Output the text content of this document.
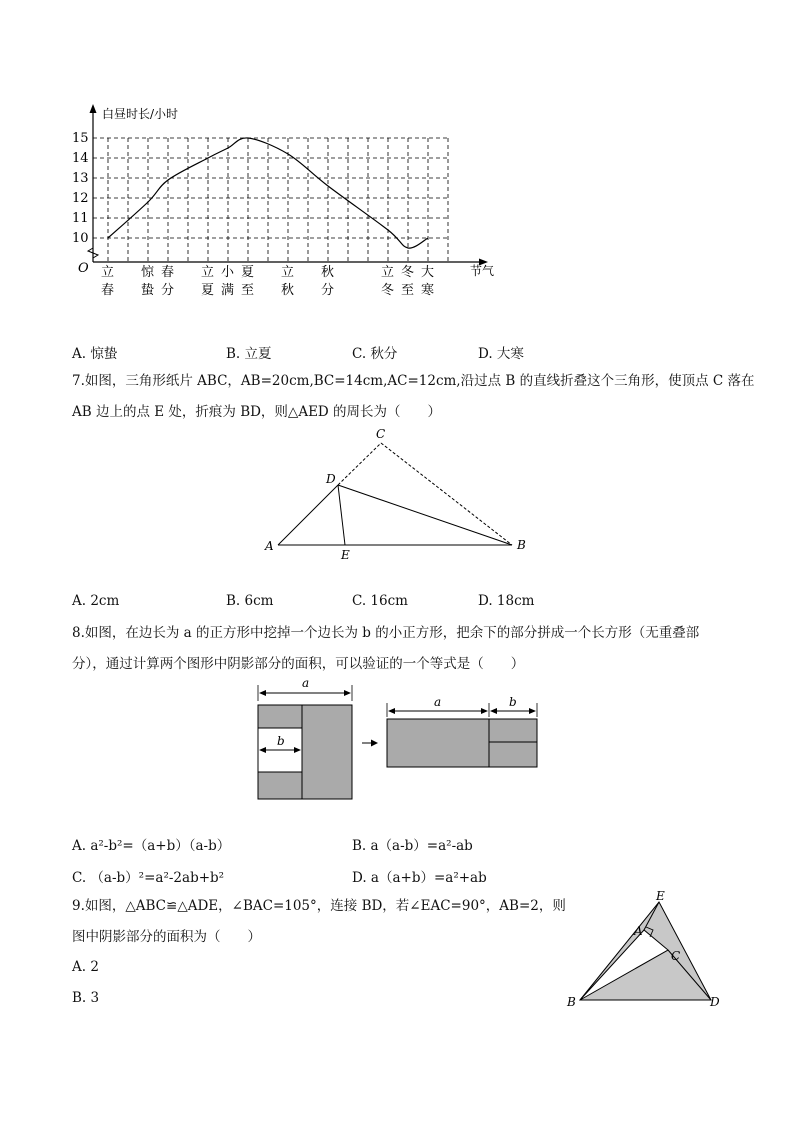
白昼时长/小时
O	节气
15
14
13
12
11
10
立
春
惊
蛰
春
分
立
夏
小
满
夏
至
立
秋
秋
分
立
冬
冬
至
大
寒
A. 惊蛰	B. 立夏	C. 秋分	D. 大寒
7.如图，三角形纸片 ABC，AB=20cm,BC=14cm,AC=12cm,沿过点 B 的直线折叠这个三角形，使顶点 C 落在
AB 边上的点 E 处，折痕为 BD，则△AED 的周长为（　　）
A	B
C
D
E
A. 2cm	B. 6cm	C. 16cm	D. 18cm
8.如图，在边长为 a 的正方形中挖掉一个边长为 b 的小正方形，把余下的部分拼成一个长方形（无重叠部
分），通过计算两个图形中阴影部分的面积，可以验证的一个等式是（　　）
a
b
a	b
A. a²-b²=（a+b）（a-b）	B. a（a-b）=a²-ab
C. （a-b）²=a²-2ab+b²	D. a（a+b）=a²+ab
9.如图，△ABC≌△ADE，∠BAC=105°，连接 BD，若∠EAC=90°，AB=2，则
图中阴影部分的面积为（　　）
A. 2
B. 3
A
B
C
D
E
